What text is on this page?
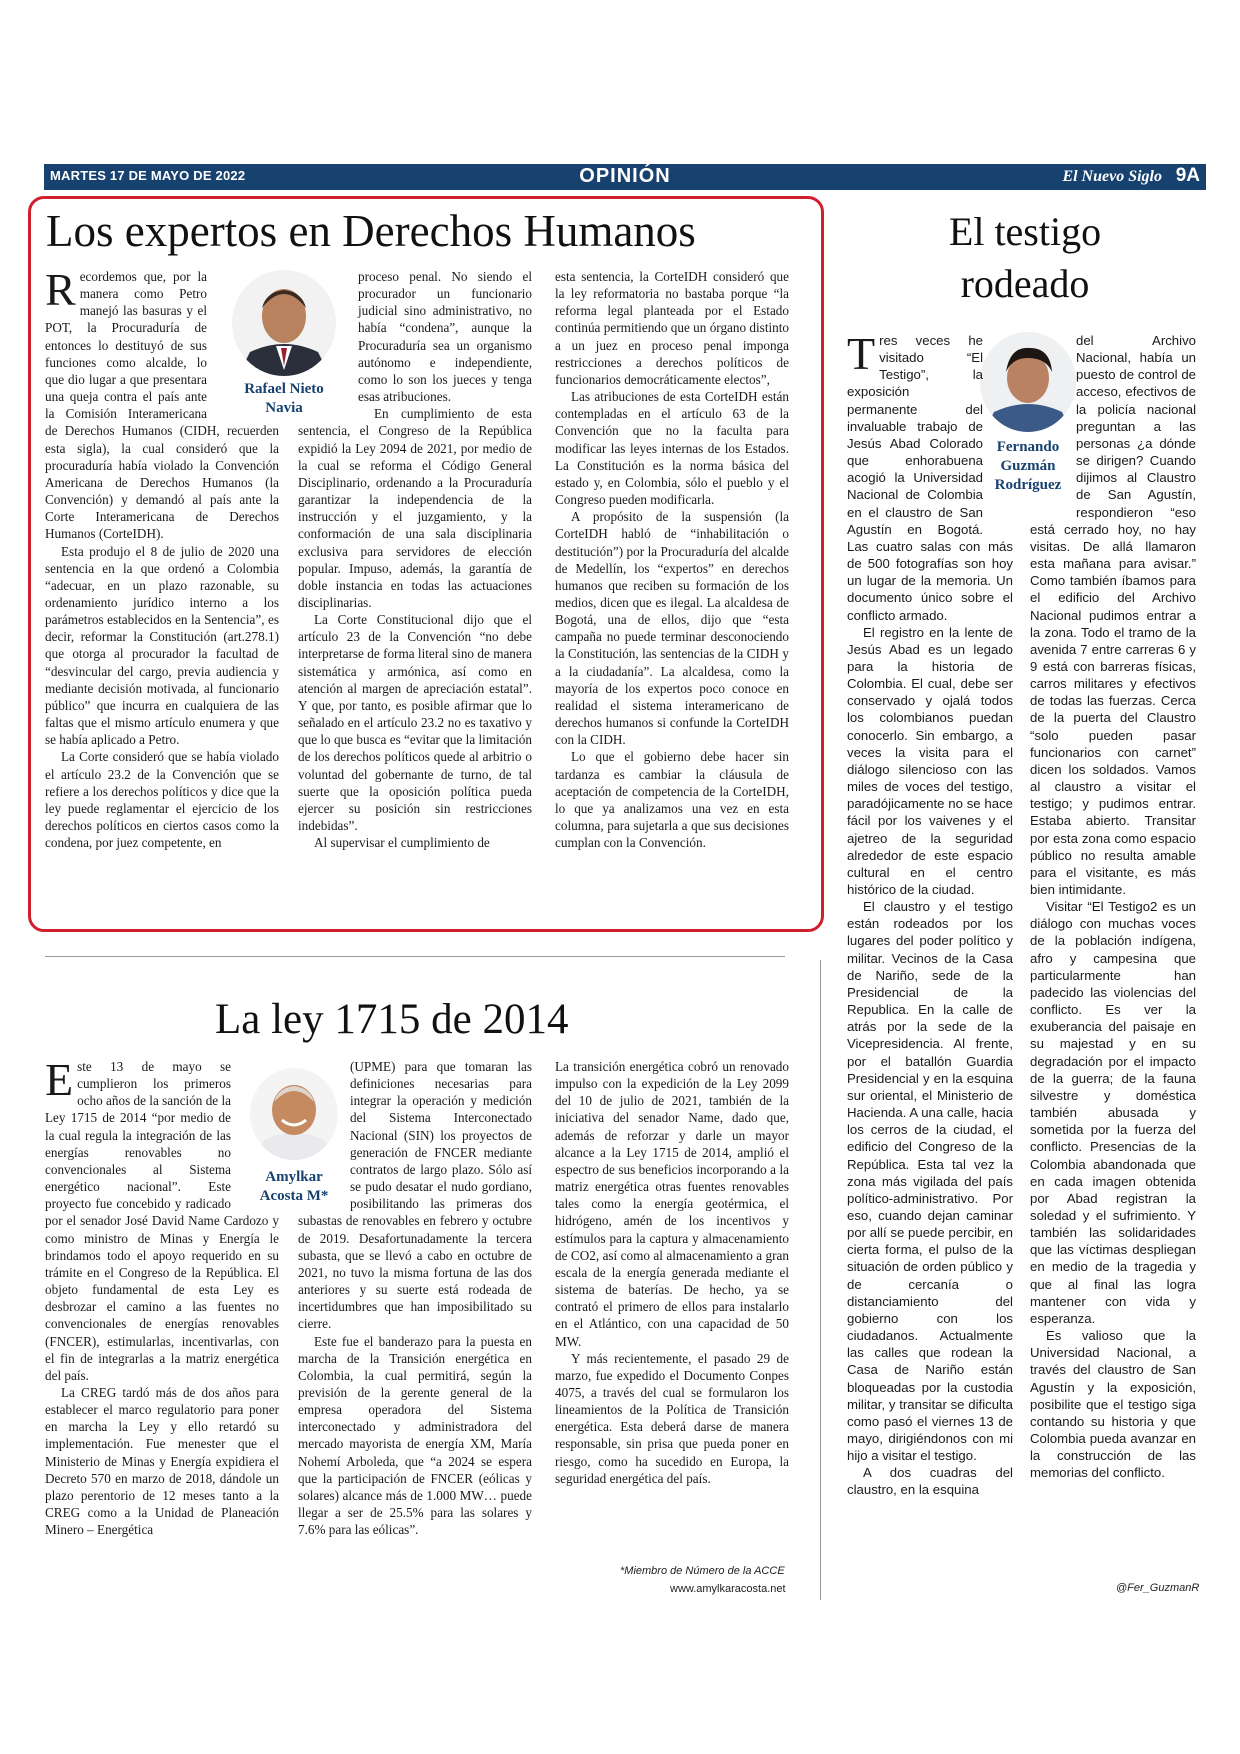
MARTES 17 DE MAYO DE 2022	OPINIÓN	El Nuevo Siglo 9A
Los expertos en Derechos Humanos
Rafael Nieto
Navia

Recordemos que, por la manera como Petro manejó las basuras y el POT, la Procuraduría de entonces lo destituyó de sus funciones como alcalde, lo que dio lugar a que presentara una queja contra el país ante la Comisión Interamericana de Derechos Humanos (CIDH, recuerden esta sigla), la cual consideró que la procuraduría había violado la Convención Americana de Derechos Humanos (la Convención) y demandó al país ante la Corte Interamericana de Derechos Humanos (CorteIDH).

Esta produjo el 8 de julio de 2020 una sentencia en la que ordenó a Colombia “adecuar, en un plazo razonable, su ordenamiento jurídico interno a los parámetros establecidos en la Sentencia”, es decir, reformar la Constitución (art.278.1) que otorga al procurador la facultad de “desvincular del cargo, previa audiencia y mediante decisión motivada, al funcionario público” que incurra en cualquiera de las faltas que el mismo artículo enumera y que se había aplicado a Petro.

La Corte consideró que se había violado el artículo 23.2 de la Convención que se refiere a los derechos políticos y dice que la ley puede reglamentar el ejercicio de los derechos políticos en ciertos casos como la condena, por juez competente, en

proceso penal. No siendo el procurador un funcionario judicial sino administrativo, no había “condena”, aunque la Procuraduría sea un organismo autónomo e independiente, como lo son los jueces y tenga esas atribuciones.

En cumplimiento de esta sentencia, el Congreso de la República expidió la Ley 2094 de 2021, por medio de la cual se reforma el Código General Disciplinario, ordenando a la Procuraduría garantizar la independencia de la instrucción y el juzgamiento, y la conformación de una sala disciplinaria exclusiva para servidores de elección popular. Impuso, además, la garantía de doble instancia en todas las actuaciones disciplinarias.

La Corte Constitucional dijo que el artículo 23 de la Convención “no debe interpretarse de forma literal sino de manera sistemática y armónica, así como en atención al margen de apreciación estatal”. Y que, por tanto, es posible afirmar que lo señalado en el artículo 23.2 no es taxativo y que lo que busca es “evitar que la limitación de los derechos políticos quede al arbitrio o voluntad del gobernante de turno, de tal suerte que la oposición política pueda ejercer su posición sin restricciones indebidas”.

Al supervisar el cumplimiento de

esta sentencia, la CorteIDH consideró que la ley reformatoria no bastaba porque “la reforma legal planteada por el Estado continúa permitiendo que un órgano distinto a un juez en proceso penal imponga restricciones a derechos políticos de funcionarios democráticamente electos”,

Las atribuciones de esta CorteIDH están contempladas en el artículo 63 de la Convención que no la faculta para modificar las leyes internas de los Estados. La Constitución es la norma básica del estado y, en Colombia, sólo el pueblo y el Congreso pueden modificarla.

A propósito de la suspensión (la CorteIDH habló de “inhabilitación o destitución”) por la Procuraduría del alcalde de Medellín, los “expertos” en derechos humanos que reciben su formación de los medios, dicen que es ilegal. La alcaldesa de Bogotá, una de ellos, dijo que “esta campaña no puede terminar desconociendo la Constitución, las sentencias de la CIDH y a la ciudadanía”. La alcaldesa, como la mayoría de los expertos poco conoce en realidad el sistema interamericano de derechos humanos si confunde la CorteIDH con la CIDH.

Lo que el gobierno debe hacer sin tardanza es cambiar la cláusula de aceptación de competencia de la CorteIDH, lo que ya analizamos una vez en esta columna, para sujetarla a que sus decisiones cumplan con la Convención.

La ley 1715 de 2014
Amylkar
Acosta M*

Este 13 de mayo se cumplieron los primeros ocho años de la sanción de la Ley 1715 de 2014 “por medio de la cual regula la integración de las energías renovables no convencionales al Sistema energético nacional”. Este proyecto fue concebido y radicado por el senador José David Name Cardozo y como ministro de Minas y Energía le brindamos todo el apoyo requerido en su trámite en el Congreso de la República. El objeto fundamental de esta Ley es desbrozar el camino a las fuentes no convencionales de energías renovables (FNCER), estimularlas, incentivarlas, con el fin de integrarlas a la matriz energética del país.

La CREG tardó más de dos años para establecer el marco regulatorio para poner en marcha la Ley y ello retardó su implementación. Fue menester que el Ministerio de Minas y Energía expidiera el Decreto 570 en marzo de 2018, dándole un plazo perentorio de 12 meses tanto a la CREG como a la Unidad de Planeación Minero – Energética

(UPME) para que tomaran las definiciones necesarias para integrar la operación y medición del Sistema Interconectado Nacional (SIN) los proyectos de generación de FNCER mediante contratos de largo plazo. Sólo así se pudo desatar el nudo gordiano, posibilitando las primeras dos subastas de renovables en febrero y octubre de 2019. Desafortunadamente la tercera subasta, que se llevó a cabo en octubre de 2021, no tuvo la misma fortuna de las dos anteriores y su suerte está rodeada de incertidumbres que han imposibilitado su cierre.

Este fue el banderazo para la puesta en marcha de la Transición energética en Colombia, la cual permitirá, según la previsión de la gerente general de la empresa operadora del Sistema interconectado y administradora del mercado mayorista de energía XM, María Nohemí Arboleda, que “a 2024 se espera que la participación de FNCER (eólicas y solares) alcance más de 1.000 MW… puede llegar a ser de 25.5% para las solares y 7.6% para las eólicas”.

La transición energética cobró un renovado impulso con la expedición de la Ley 2099 del 10 de julio de 2021, también de la iniciativa del senador Name, dado que, además de reforzar y darle un mayor alcance a la Ley 1715 de 2014, amplió el espectro de sus beneficios incorporando a la matriz energética otras fuentes renovables tales como la energía geotérmica, el hidrógeno, amén de los incentivos y estímulos para la captura y almacenamiento de CO2, así como al almacenamiento a gran escala de la energía generada mediante el sistema de baterías. De hecho, ya se contrató el primero de ellos para instalarlo en el Atlántico, con una capacidad de 50 MW.

Y más recientemente, el pasado 29 de marzo, fue expedido el Documento Conpes 4075, a través del cual se formularon los lineamientos de la Política de Transición energética. Esta deberá darse de manera responsable, sin prisa que pueda poner en riesgo, como ha sucedido en Europa, la seguridad energética del país.

*Miembro de Número de la ACCE
www.amylkaracosta.net
El testigo
rodeado
Fernando
Guzmán
Rodríguez

Tres veces he visitado “El Testigo”, la exposición permanente del invaluable trabajo de Jesús Abad Colorado que enhorabuena acogió la Universidad Nacional de Colombia en el claustro de San Agustín en Bogotá. Las cuatro salas con más de 500 fotografías son hoy un lugar de la memoria. Un documento único sobre el conflicto armado.

El registro en la lente de Jesús Abad es un legado para la historia de Colombia. El cual, debe ser conservado y ojalá todos los colombianos puedan conocerlo. Sin embargo, a veces la visita para el diálogo silencioso con las miles de voces del testigo, paradójicamente no se hace fácil por los vaivenes y el ajetreo de la seguridad alrededor de este espacio cultural en el centro histórico de la ciudad.

El claustro y el testigo están rodeados por los lugares del poder político y militar. Vecinos de la Casa de Nariño, sede de la Presidencial de la Republica. En la calle de atrás por la sede de la Vicepresidencia. Al frente, por el batallón Guardia Presidencial y en la esquina sur oriental, el Ministerio de Hacienda. A una calle, hacia los cerros de la ciudad, el edificio del Congreso de la República. Esta tal vez la zona más vigilada del país político-administrativo. Por eso, cuando dejan caminar por allí se puede percibir, en cierta forma, el pulso de la situación de orden público y de cercanía o distanciamiento del gobierno con los ciudadanos. Actualmente las calles que rodean la Casa de Nariño están bloqueadas por la custodia militar, y transitar se dificulta como pasó el viernes 13 de mayo, dirigiéndonos con mi hijo a visitar el testigo.

A dos cuadras del claustro, en la esquina

del Archivo Nacional, había un puesto de control de acceso, efectivos de la policía nacional preguntan a las personas ¿a dónde se dirigen? Cuando dijimos al Claustro de San Agustín, respondieron “eso está cerrado hoy, no hay visitas. De allá llamaron esta mañana para avisar.” Como también íbamos para el edificio del Archivo Nacional pudimos entrar a la zona. Todo el tramo de la avenida 7 entre carreras 6 y 9 está con barreras físicas, carros militares y efectivos de todas las fuerzas. Cerca de la puerta del Claustro “solo pueden pasar funcionarios con carnet” dicen los soldados. Vamos al claustro a visitar el testigo; y pudimos entrar. Estaba abierto. Transitar por esta zona como espacio público no resulta amable para el visitante, es más bien intimidante.

Visitar “El Testigo2 es un diálogo con muchas voces de la población indígena, afro y campesina que particularmente han padecido las violencias del conflicto. Es ver la exuberancia del paisaje en su majestad y en su degradación por el impacto de la guerra; de la fauna silvestre y doméstica también abusada y sometida por la fuerza del conflicto. Presencias de la Colombia abandonada que en cada imagen obtenida por Abad registran la soledad y el sufrimiento. Y también las solidaridades que las víctimas despliegan en medio de la tragedia y que al final las logra mantener con vida y esperanza.

Es valioso que la Universidad Nacional, a través del claustro de San Agustín y la exposición, posibilite que el testigo siga contando su historia y que Colombia pueda avanzar en la construcción de las memorias del conflicto.

@Fer_GuzmanR
